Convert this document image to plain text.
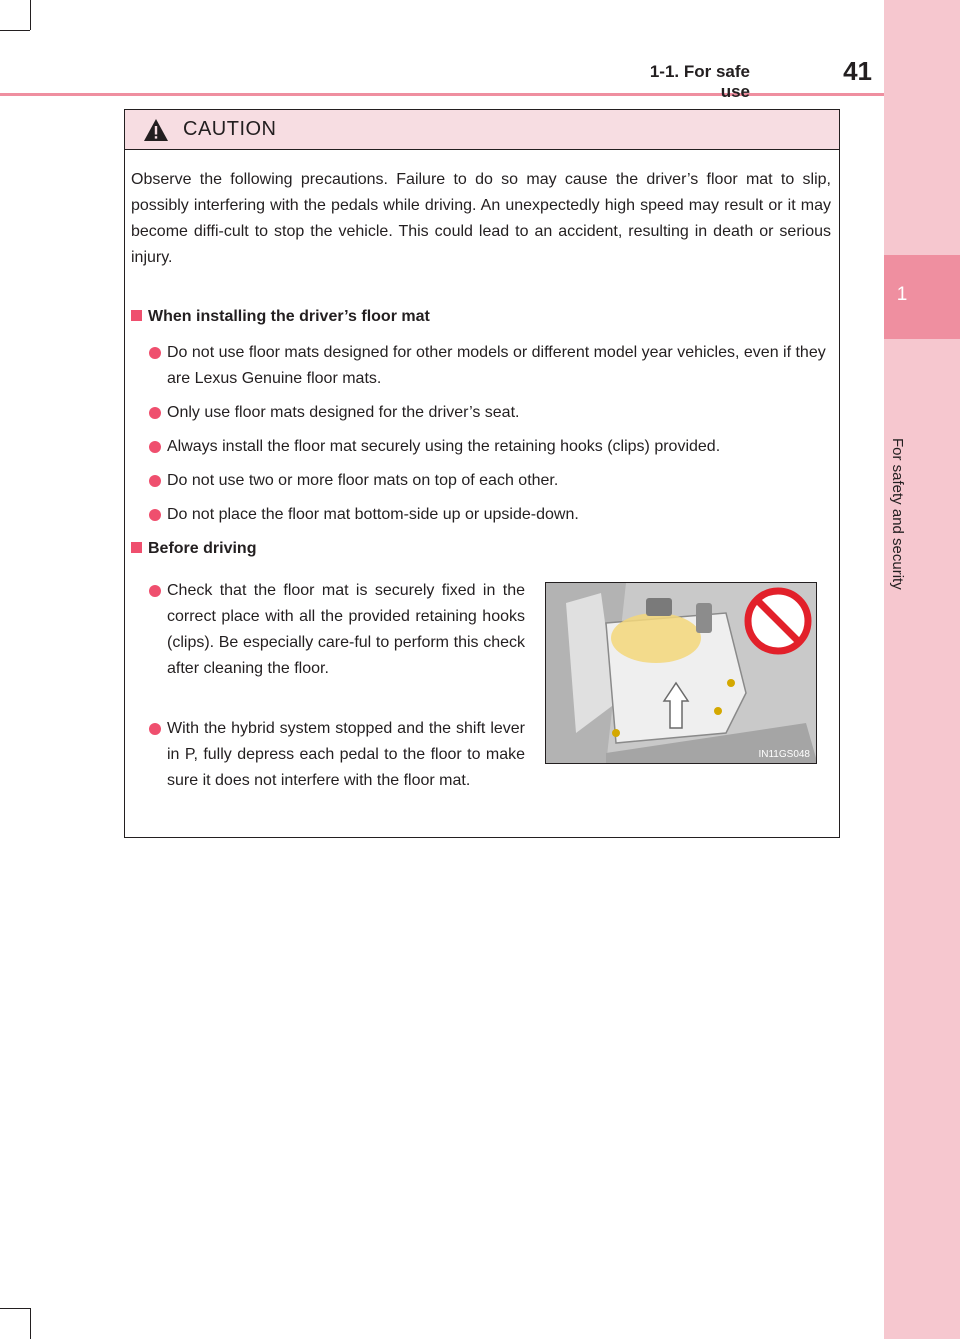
1
For safety and security
1-1. For safe use
41
CAUTION
Observe the following precautions. Failure to do so may cause the driver’s floor mat to slip, possibly interfering with the pedals while driving. An unexpectedly high speed may result or it may become diffi-cult to stop the vehicle. This could lead to an accident, resulting in death or serious injury.
When installing the driver’s floor mat
Do not use floor mats designed for other models or different model year vehicles, even if they are Lexus Genuine floor mats.
Only use floor mats designed for the driver’s seat.
Always install the floor mat securely using the retaining hooks (clips) provided.
Do not use two or more floor mats on top of each other.
Do not place the floor mat bottom-side up or upside-down.
Before driving
Check that the floor mat is securely fixed in the correct place with all the provided retaining hooks (clips). Be especially care-ful to perform this check after cleaning the floor.
With the hybrid system stopped and the shift lever in P, fully depress each pedal to the floor to make sure it does not interfere with the floor mat.
IN11GS048
